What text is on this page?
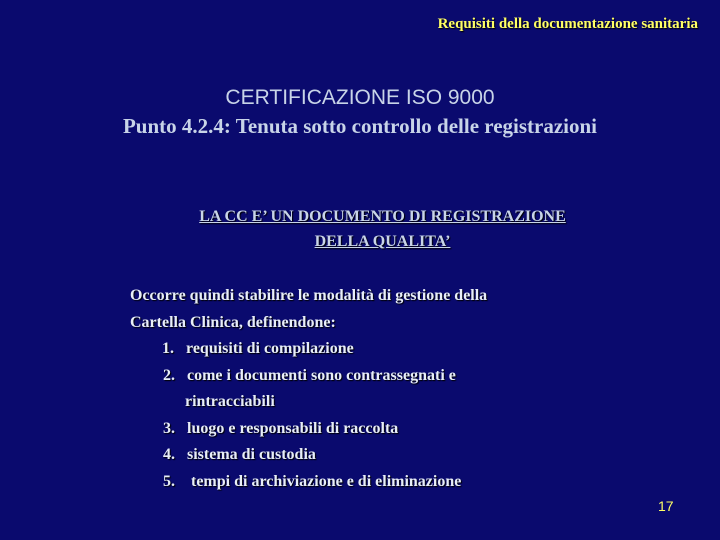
Requisiti della documentazione sanitaria
CERTIFICAZIONE ISO 9000
Punto 4.2.4: Tenuta sotto controllo delle registrazioni
LA CC E’ UN DOCUMENTO DI REGISTRAZIONE
DELLA QUALITA’
Occorre quindi stabilire le modalità di gestione della
Cartella Clinica, definendone:
1. requisiti di compilazione
2. come i documenti sono contrassegnati e
rintracciabili
3. luogo e responsabili di raccolta
4. sistema di custodia
5. tempi di archiviazione e di eliminazione
17
